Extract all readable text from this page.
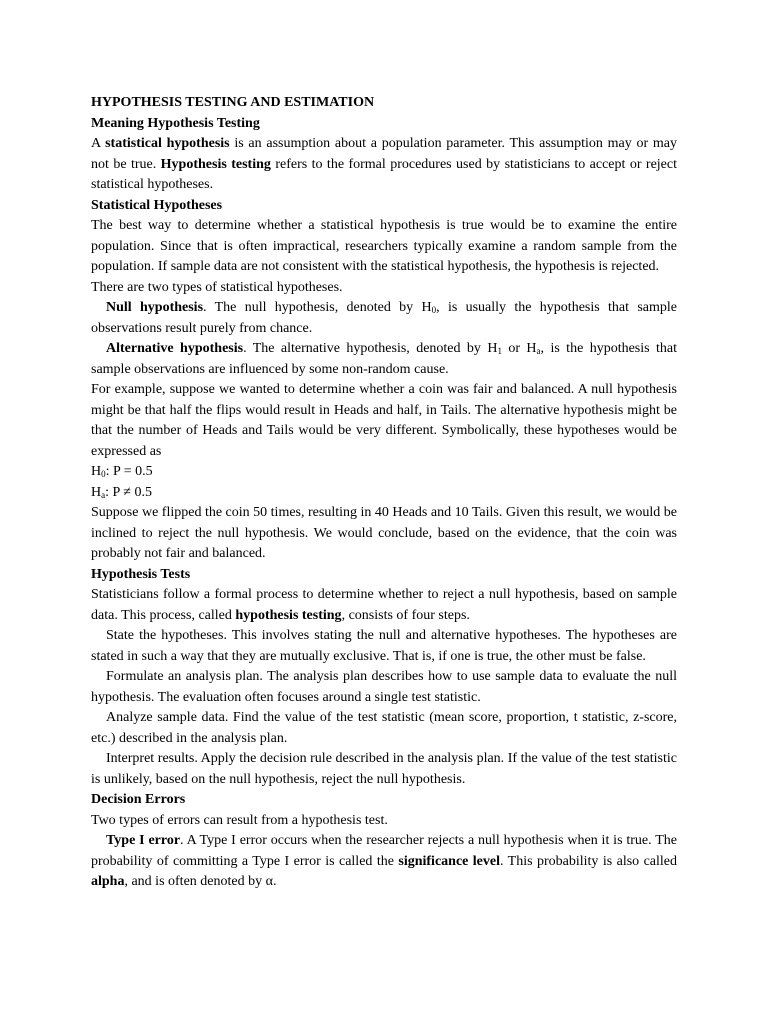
HYPOTHESIS TESTING AND ESTIMATION

Meaning Hypothesis Testing

A statistical hypothesis is an assumption about a population parameter. This assumption may or may not be true. Hypothesis testing refers to the formal procedures used by statisticians to accept or reject statistical hypotheses.

Statistical Hypotheses

The best way to determine whether a statistical hypothesis is true would be to examine the entire population. Since that is often impractical, researchers typically examine a random sample from the population. If sample data are not consistent with the statistical hypothesis, the hypothesis is rejected.

There are two types of statistical hypotheses.

Null hypothesis. The null hypothesis, denoted by $H_0$, is usually the hypothesis that sample observations result purely from chance.

Alternative hypothesis. The alternative hypothesis, denoted by $H_1$ or $H_a$, is the hypothesis that sample observations are influenced by some non-random cause.

For example, suppose we wanted to determine whether a coin was fair and balanced. A null hypothesis might be that half the flips would result in Heads and half, in Tails. The alternative hypothesis might be that the number of Heads and Tails would be very different. Symbolically, these hypotheses would be expressed as

$H_0$: P = 0.5

$H_a$: P ≠ 0.5

Suppose we flipped the coin 50 times, resulting in 40 Heads and 10 Tails. Given this result, we would be inclined to reject the null hypothesis. We would conclude, based on the evidence, that the coin was probably not fair and balanced.

Hypothesis Tests

Statisticians follow a formal process to determine whether to reject a null hypothesis, based on sample data. This process, called hypothesis testing, consists of four steps.

State the hypotheses. This involves stating the null and alternative hypotheses. The hypotheses are stated in such a way that they are mutually exclusive. That is, if one is true, the other must be false.

Formulate an analysis plan. The analysis plan describes how to use sample data to evaluate the null hypothesis. The evaluation often focuses around a single test statistic.

Analyze sample data. Find the value of the test statistic (mean score, proportion, t statistic, z-score, etc.) described in the analysis plan.

Interpret results. Apply the decision rule described in the analysis plan. If the value of the test statistic is unlikely, based on the null hypothesis, reject the null hypothesis.

Decision Errors

Two types of errors can result from a hypothesis test.

Type I error. A Type I error occurs when the researcher rejects a null hypothesis when it is true. The probability of committing a Type I error is called the significance level. This probability is also called alpha, and is often denoted by α.
